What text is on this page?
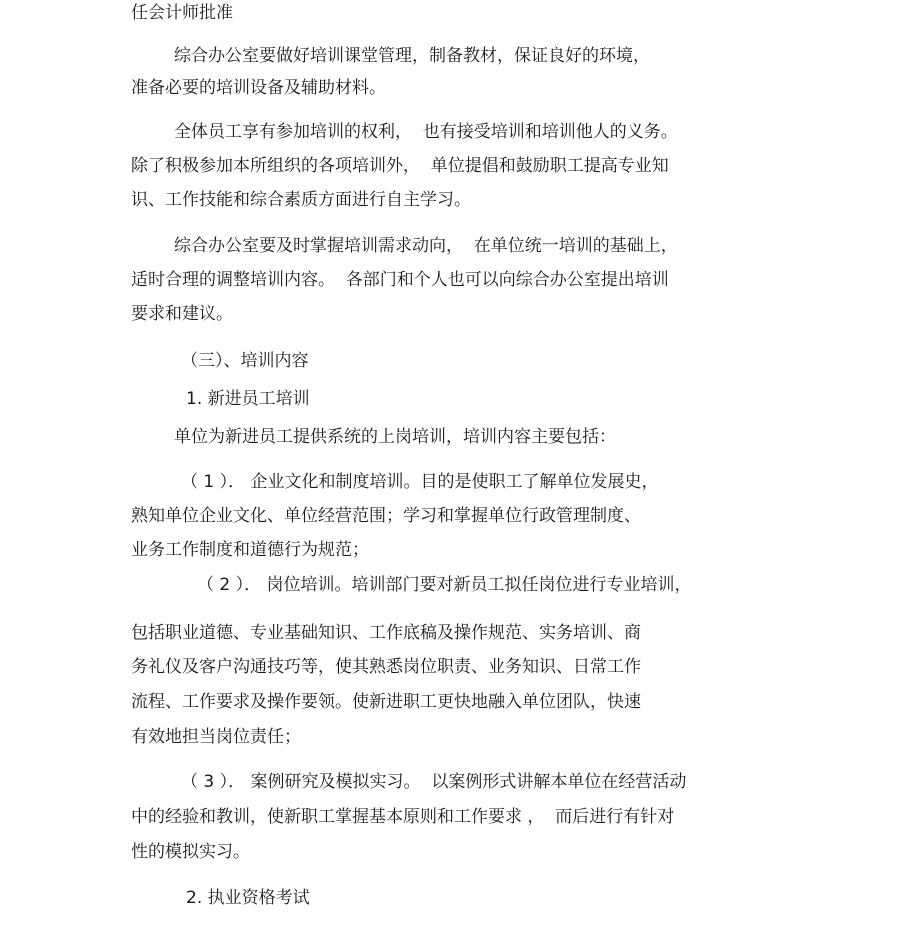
任会计师批准

综合办公室要做好培训课堂管理，制备教材，保证良好的环境，

准备必要的培训设备及辅助材料。

全体员工享有参加培训的权利，  也有接受培训和培训他人的义务。

除了积极参加本所组织的各项培训外，  单位提倡和鼓励职工提高专业知

识、工作技能和综合素质方面进行自主学习。

综合办公室要及时掌握培训需求动向，  在单位统一培训的基础上，

适时合理的调整培训内容。  各部门和个人也可以向综合办公室提出培训

要求和建议。

（三）、培训内容

1. 新进员工培训

单位为新进员工提供系统的上岗培训，培训内容主要包括：

（ 1 ）． 企业文化和制度培训。目的是使职工了解单位发展史，

熟知单位企业文化、单位经营范围；学习和掌握单位行政管理制度、

业务工作制度和道德行为规范；

（ 2 ）． 岗位培训。培训部门要对新员工拟任岗位进行专业培训，

包括职业道德、专业基础知识、工作底稿及操作规范、实务培训、商

务礼仪及客户沟通技巧等，使其熟悉岗位职责、业务知识、日常工作

流程、工作要求及操作要领。使新进职工更快地融入单位团队，快速

有效地担当岗位责任；

（ 3 ）． 案例研究及模拟实习。  以案例形式讲解本单位在经营活动

中的经验和教训，使新职工掌握基本原则和工作要求 ，  而后进行有针对

性的模拟实习。

2. 执业资格考试
